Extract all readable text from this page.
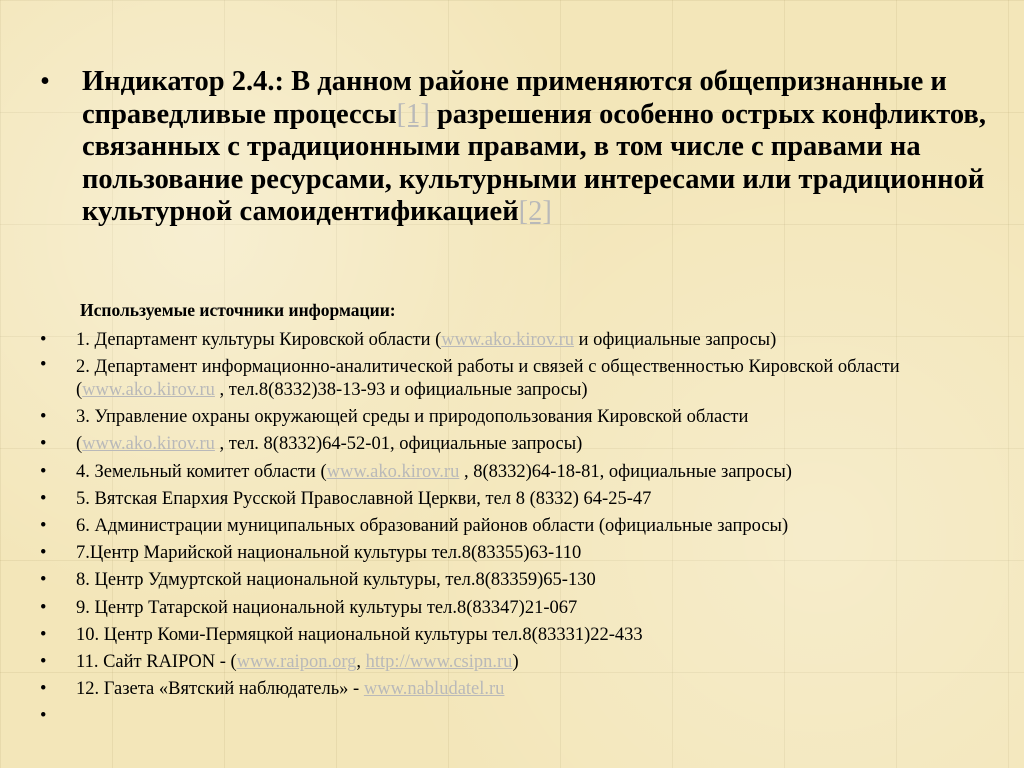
• Индикатор 2.4.: В данном районе применяются общепризнанные и справедливые процессы[1] разрешения особенно острых конфликтов, связанных с традиционными правами, в том числе с правами на пользование ресурсами, культурными интересами или традиционной культурной самоидентификацией[2]
Используемые источники информации:
• 1. Департамент культуры Кировской области (www.ako.kirov.ru и официальные запросы)
• 2. Департамент информационно-аналитической работы и связей с общественностью Кировской области (www.ako.kirov.ru , тел.8(8332)38-13-93 и официальные запросы)
• 3. Управление охраны окружающей среды и природопользования Кировской области
• (www.ako.kirov.ru , тел. 8(8332)64-52-01, официальные запросы)
• 4. Земельный комитет области (www.ako.kirov.ru , 8(8332)64-18-81, официальные запросы)
• 5. Вятская Епархия Русской Православной Церкви, тел 8 (8332) 64-25-47
• 6. Администрации муниципальных образований районов области (официальные запросы)
• 7.Центр Марийской национальной культуры тел.8(83355)63-110
• 8. Центр Удмуртской национальной культуры, тел.8(83359)65-130
• 9. Центр Татарской национальной культуры тел.8(83347)21-067
• 10. Центр Коми-Пермяцкой национальной культуры тел.8(83331)22-433
• 11. Сайт RAIPON - (www.raipon.org, http://www.csipn.ru)
• 12. Газета «Вятский наблюдатель» - www.nabludatel.ru
•
